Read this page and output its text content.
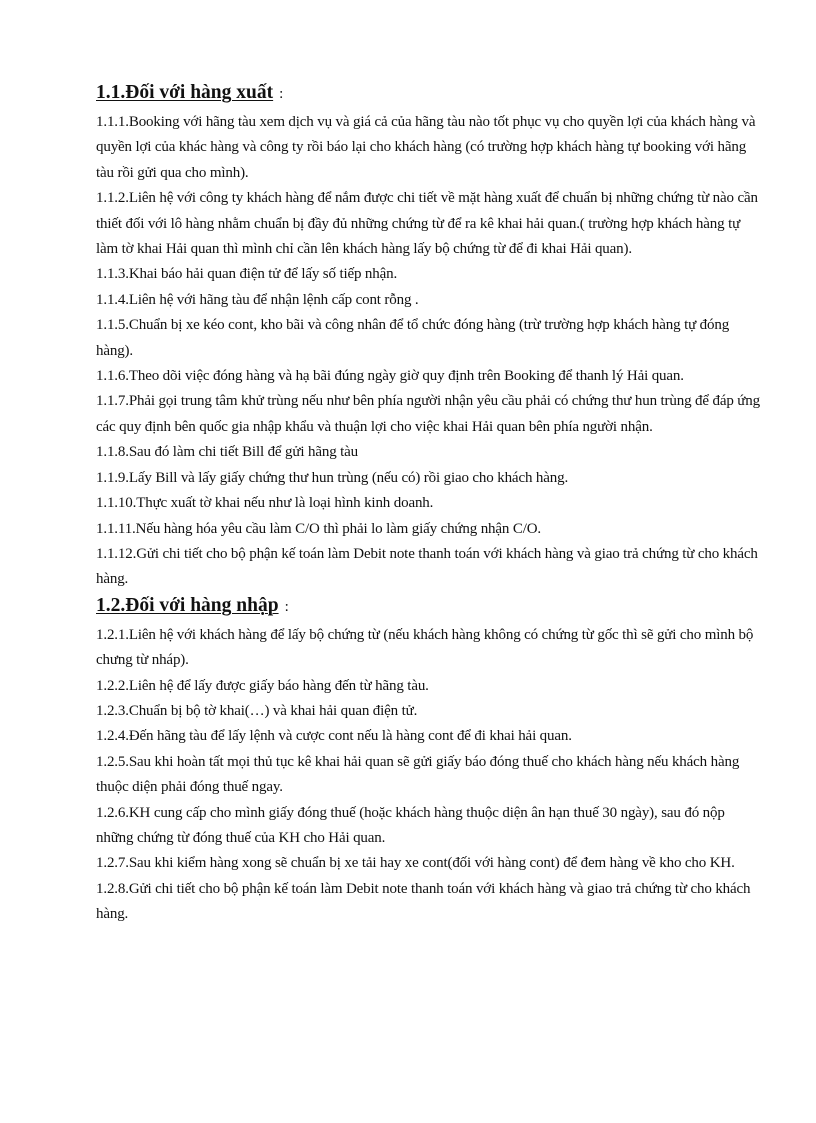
1.1.Đối với hàng xuất :

1.1.1.Booking với hãng tàu xem dịch vụ và giá cả của hãng tàu nào tốt phục vụ cho quyền lợi của khách hàng và quyền lợi của khác hàng và công ty rồi báo lại cho khách hàng (có trường hợp khách hàng tự booking với hãng tàu rồi gửi qua cho mình).

1.1.2.Liên hệ với công ty khách hàng để nắm được chi tiết về mặt hàng xuất để chuẩn bị những chứng từ nào cần thiết đối với lô hàng nhằm chuẩn bị đầy đủ những chứng từ để ra kê khai hải quan.( trường hợp khách hàng tự làm tờ khai Hải quan thì mình chỉ cần lên khách hàng lấy bộ chứng từ để đi khai Hải quan).

1.1.3.Khai báo hải quan điện tử để lấy số tiếp nhận.

1.1.4.Liên hệ với hãng tàu để nhận lệnh cấp cont rỗng .

1.1.5.Chuẩn bị xe kéo cont, kho bãi và công nhân để tổ chức đóng hàng (trừ trường hợp khách hàng tự đóng hàng).

1.1.6.Theo dõi việc đóng hàng và hạ bãi đúng ngày giờ quy định trên Booking để thanh lý Hải quan.

1.1.7.Phải gọi trung tâm khử trùng nếu như bên phía người nhận yêu cầu phải có chứng thư hun trùng để đáp ứng các quy định bên quốc gia nhập khẩu và thuận lợi cho việc khai Hải quan bên phía người nhận.

1.1.8.Sau đó làm chi tiết Bill để gửi hãng tàu

1.1.9.Lấy Bill và lấy giấy chứng thư hun trùng (nếu có) rồi giao cho khách hàng.

1.1.10.Thực xuất tờ khai nếu như là loại hình kinh doanh.

1.1.11.Nếu hàng hóa yêu cầu làm C/O thì phải lo làm giấy chứng nhận C/O.

1.1.12.Gửi chi tiết cho bộ phận kế toán làm Debit note thanh toán với khách hàng và giao trả chứng từ cho khách hàng.

1.2.Đối với hàng nhập :

1.2.1.Liên hệ với khách hàng để lấy bộ chứng từ (nếu khách hàng không có chứng từ gốc thì sẽ gửi cho mình bộ chưng từ nháp).

1.2.2.Liên hệ để lấy được giấy báo hàng đến từ hãng tàu.

1.2.3.Chuẩn bị bộ tờ khai(…) và khai hải quan điện tử.

1.2.4.Đến hãng tàu để lấy lệnh và cược cont nếu là hàng cont để đi khai hải quan.

1.2.5.Sau khi hoàn tất mọi thủ tục kê khai hải quan sẽ gửi giấy báo đóng thuế cho khách hàng nếu khách hàng thuộc diện phải đóng thuế ngay.

1.2.6.KH cung cấp cho mình giấy đóng thuế (hoặc khách hàng thuộc diện ân hạn thuế 30 ngày), sau đó nộp những chứng từ đóng thuế của KH cho Hải quan.

1.2.7.Sau khi kiểm hàng xong sẽ chuẩn bị xe tải hay xe cont(đối với hàng cont) để đem hàng về kho cho KH.

1.2.8.Gửi chi tiết cho bộ phận kế toán làm Debit note thanh toán với khách hàng và giao trả chứng từ cho khách hàng.
